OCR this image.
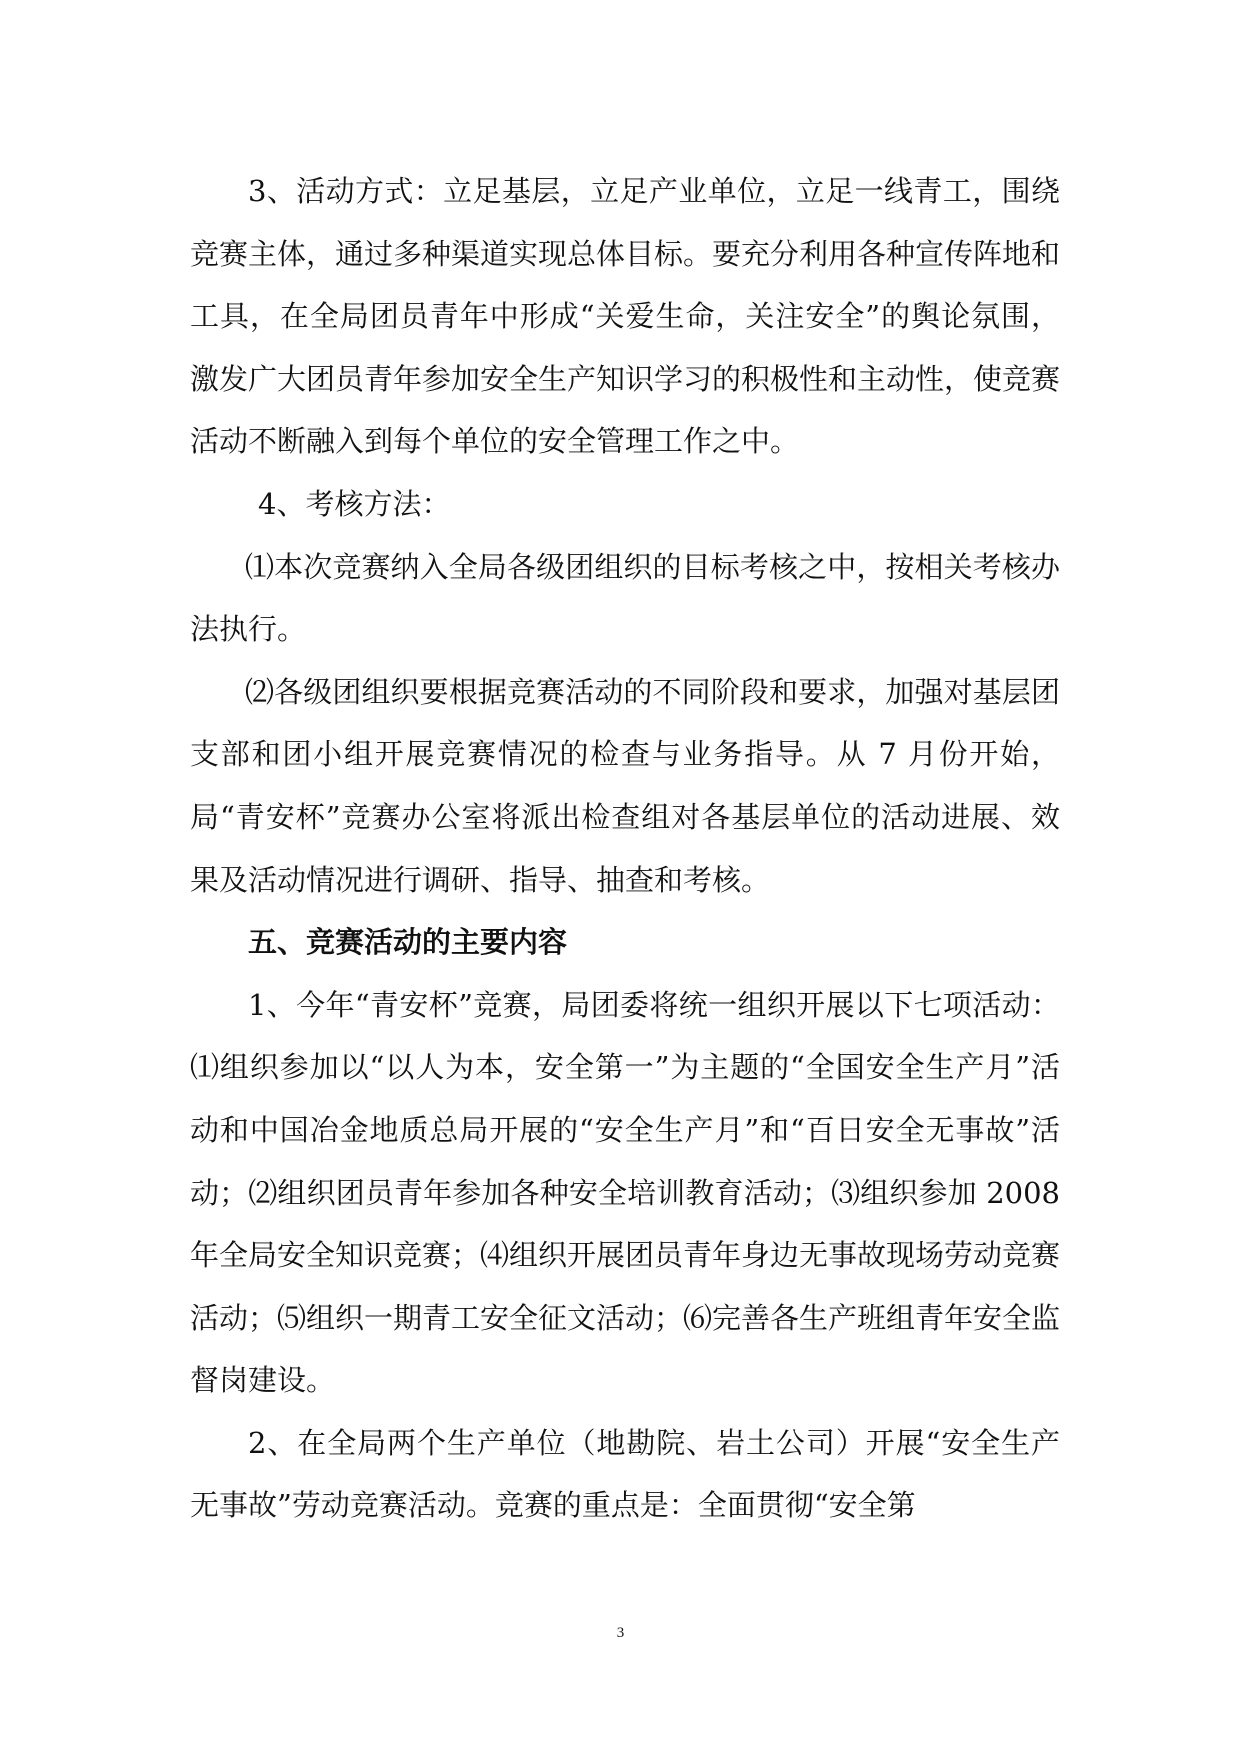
3、活动方式：立足基层，立足产业单位，立足一线青工，围绕竞赛主体，通过多种渠道实现总体目标。要充分利用各种宣传阵地和工具，在全局团员青年中形成“关爱生命，关注安全”的舆论氛围，激发广大团员青年参加安全生产知识学习的积极性和主动性，使竞赛活动不断融入到每个单位的安全管理工作之中。

4、考核方法：

⑴本次竞赛纳入全局各级团组织的目标考核之中，按相关考核办法执行。

⑵各级团组织要根据竞赛活动的不同阶段和要求，加强对基层团支部和团小组开展竞赛情况的检查与业务指导。从 7 月份开始，局“青安杯”竞赛办公室将派出检查组对各基层单位的活动进展、效果及活动情况进行调研、指导、抽查和考核。

五、竞赛活动的主要内容

1、今年“青安杯”竞赛，局团委将统一组织开展以下七项活动：⑴组织参加以“以人为本，安全第一”为主题的“全国安全生产月”活动和中国冶金地质总局开展的“安全生产月”和“百日安全无事故”活动；⑵组织团员青年参加各种安全培训教育活动；⑶组织参加 2008 年全局安全知识竞赛；⑷组织开展团员青年身边无事故现场劳动竞赛活动；⑸组织一期青工安全征文活动；⑹完善各生产班组青年安全监督岗建设。

2、在全局两个生产单位（地勘院、岩土公司）开展“安全生产无事故”劳动竞赛活动。竞赛的重点是：全面贯彻“安全第

3
